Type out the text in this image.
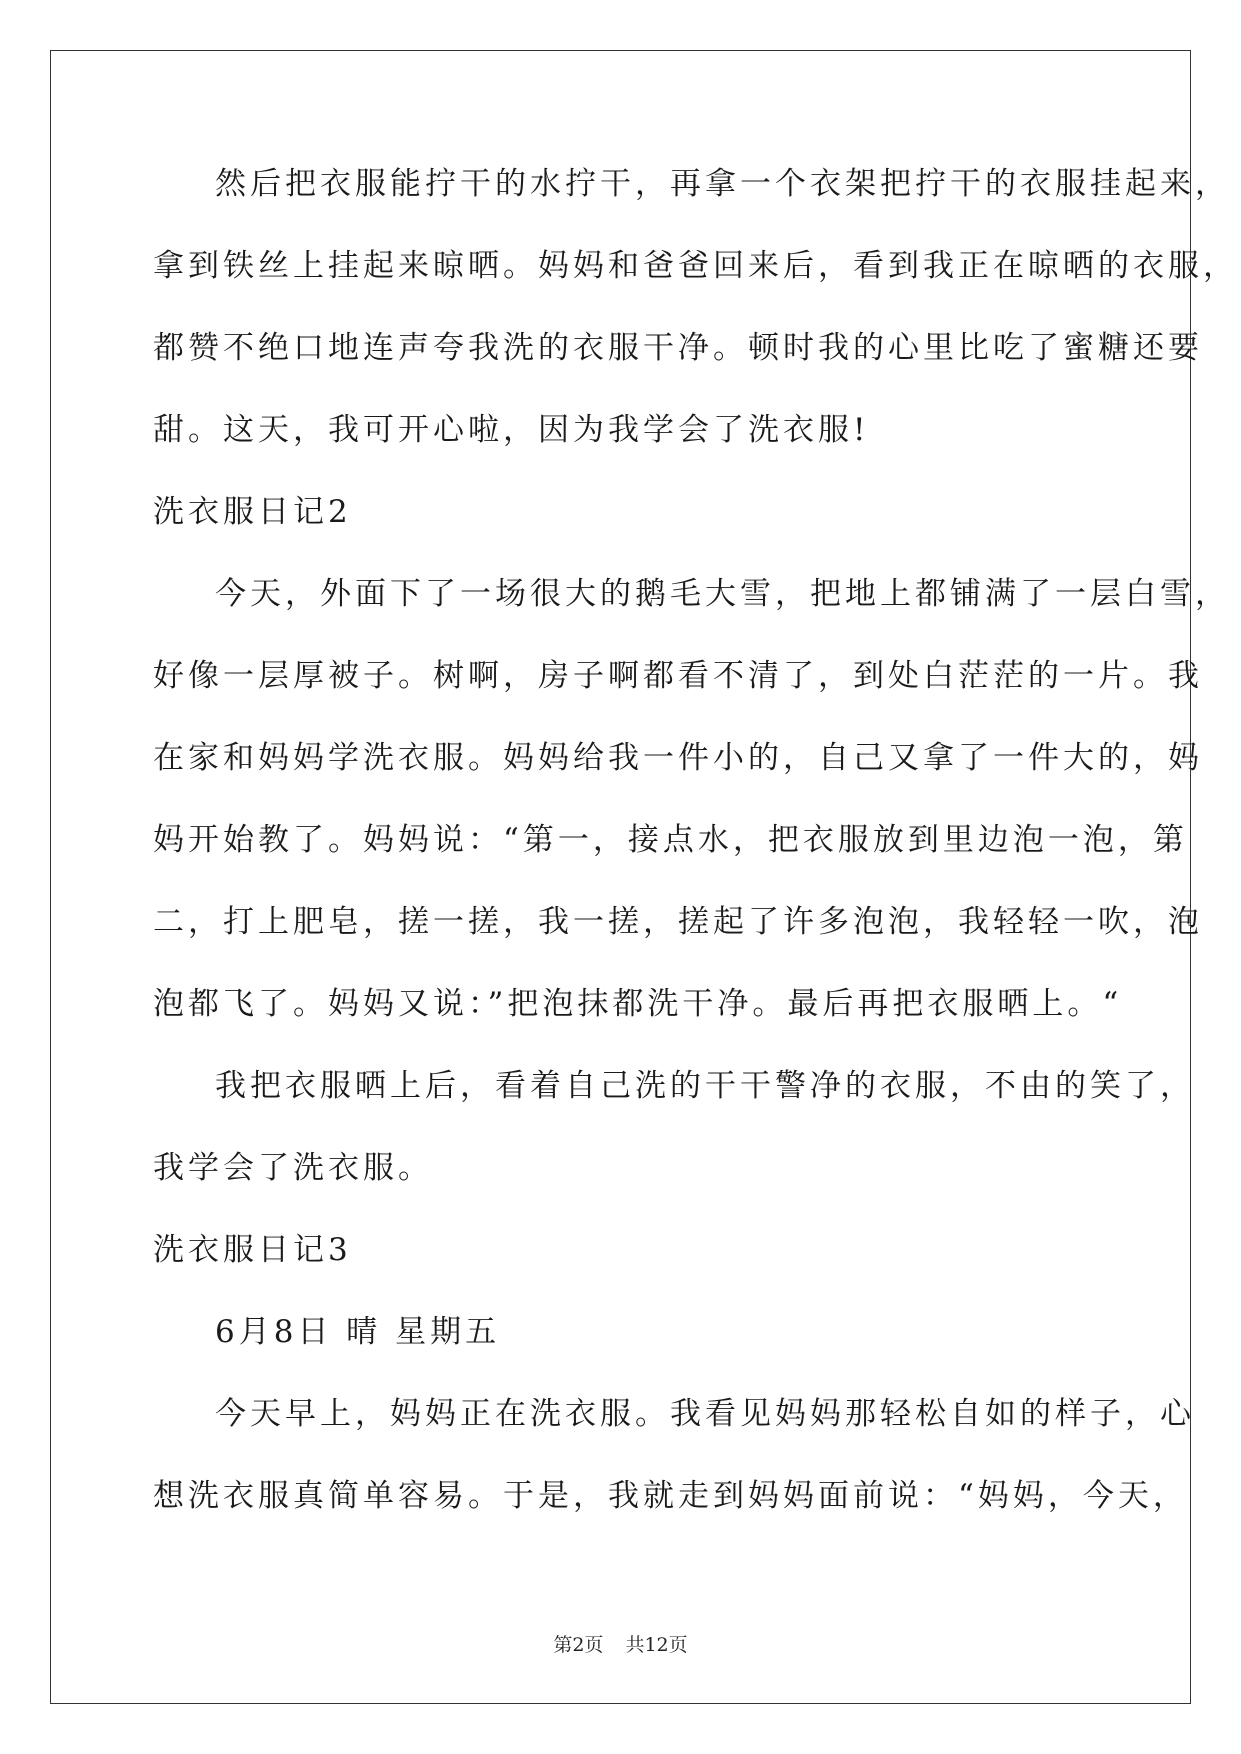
然后把衣服能拧干的水拧干，再拿一个衣架把拧干的衣服挂起来，
拿到铁丝上挂起来晾晒。妈妈和爸爸回来后，看到我正在晾晒的衣服，
都赞不绝口地连声夸我洗的衣服干净。顿时我的心里比吃了蜜糖还要
甜。这天，我可开心啦，因为我学会了洗衣服!
洗衣服日记2
今天，外面下了一场很大的鹅毛大雪，把地上都铺满了一层白雪，
好像一层厚被子。树啊，房子啊都看不清了，到处白茫茫的一片。我
在家和妈妈学洗衣服。妈妈给我一件小的，自己又拿了一件大的，妈
妈开始教了。妈妈说：“第一，接点水，把衣服放到里边泡一泡，第
二，打上肥皂，搓一搓，我一搓，搓起了许多泡泡，我轻轻一吹，泡
泡都飞了。妈妈又说：”把泡抹都洗干净。最后再把衣服晒上。“
我把衣服晒上后，看着自己洗的干干警净的衣服，不由的笑了，
我学会了洗衣服。
洗衣服日记3
6月8日 晴 星期五
今天早上，妈妈正在洗衣服。我看见妈妈那轻松自如的样子，心
想洗衣服真简单容易。于是，我就走到妈妈面前说：“妈妈，今天，
第2页 共12页
